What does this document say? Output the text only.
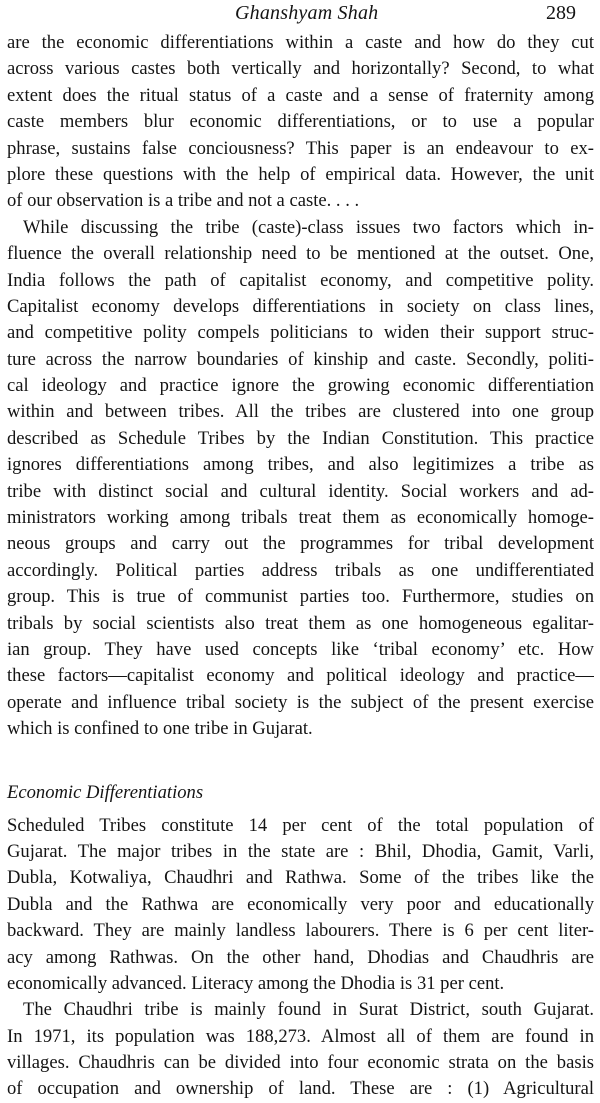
Ghanshyam Shah	289
are the economic differentiations within a caste and how do they cut
across various castes both vertically and horizontally? Second, to what
extent does the ritual status of a caste and a sense of fraternity among
caste members blur economic differentiations, or to use a popular
phrase, sustains false conciousness? This paper is an endeavour to ex-
plore these questions with the help of empirical data. However, the unit
of our observation is a tribe and not a caste. . . .
While discussing the tribe (caste)-class issues two factors which in-
fluence the overall relationship need to be mentioned at the outset. One,
India follows the path of capitalist economy, and competitive polity.
Capitalist economy develops differentiations in society on class lines,
and competitive polity compels politicians to widen their support struc-
ture across the narrow boundaries of kinship and caste. Secondly, politi-
cal ideology and practice ignore the growing economic differentiation
within and between tribes. All the tribes are clustered into one group
described as Schedule Tribes by the Indian Constitution. This practice
ignores differentiations among tribes, and also legitimizes a tribe as
tribe with distinct social and cultural identity. Social workers and ad-
ministrators working among tribals treat them as economically homoge-
neous groups and carry out the programmes for tribal development
accordingly. Political parties address tribals as one undifferentiated
group. This is true of communist parties too. Furthermore, studies on
tribals by social scientists also treat them as one homogeneous egalitar-
ian group. They have used concepts like ‘tribal economy’ etc. How
these factors—capitalist economy and political ideology and practice—
operate and influence tribal society is the subject of the present exercise
which is confined to one tribe in Gujarat.
Economic Differentiations
Scheduled Tribes constitute 14 per cent of the total population of
Gujarat. The major tribes in the state are : Bhil, Dhodia, Gamit, Varli,
Dubla, Kotwaliya, Chaudhri and Rathwa. Some of the tribes like the
Dubla and the Rathwa are economically very poor and educationally
backward. They are mainly landless labourers. There is 6 per cent liter-
acy among Rathwas. On the other hand, Dhodias and Chaudhris are
economically advanced. Literacy among the Dhodia is 31 per cent.
The Chaudhri tribe is mainly found in Surat District, south Gujarat.
In 1971, its population was 188,273. Almost all of them are found in
villages. Chaudhris can be divided into four economic strata on the basis
of occupation and ownership of land. These are : (1) Agricultural
